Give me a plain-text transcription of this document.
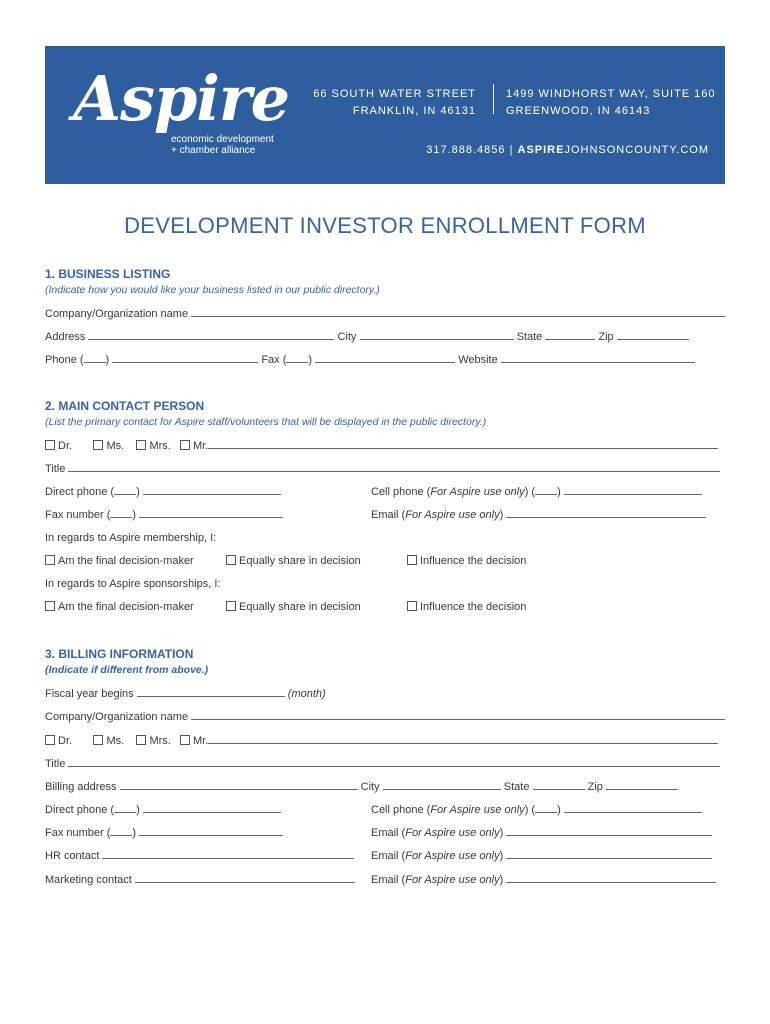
Aspire
economic development
+ chamber alliance
66 SOUTH WATER STREET
FRANKLIN, IN 46131
1499 WINDHORST WAY, SUITE 160
GREENWOOD, IN 46143
317.888.4856 | ASPIREJOHNSONCOUNTY.COM
DEVELOPMENT INVESTOR ENROLLMENT FORM
1. BUSINESS LISTING
(Indicate how you would like your business listed in our public directory.)
Company/Organization name
Address	City	State	Zip
Phone ( )	Fax ( )	Website
2. MAIN CONTACT PERSON
(List the primary contact for Aspire staff/volunteers that will be displayed in the public directory.)
Dr.	Ms. Mrs. Mr.
Title
Direct phone ( )	Cell phone (For Aspire use only) ( )
Fax number ( )	Email (For Aspire use only)
In regards to Aspire membership, I:
Am the final decision-maker	Equally share in decision	Influence the decision
In regards to Aspire sponsorships, I:
Am the final decision-maker	Equally share in decision	Influence the decision
3. BILLING INFORMATION
(Indicate if different from above.)
Fiscal year begins	(month)
Company/Organization name
Dr.	Ms. Mrs. Mr.
Title
Billing address	City	State	Zip
Direct phone ( )	Cell phone (For Aspire use only) ( )
Fax number ( )	Email (For Aspire use only)
HR contact	Email (For Aspire use only)
Marketing contact	Email (For Aspire use only)
